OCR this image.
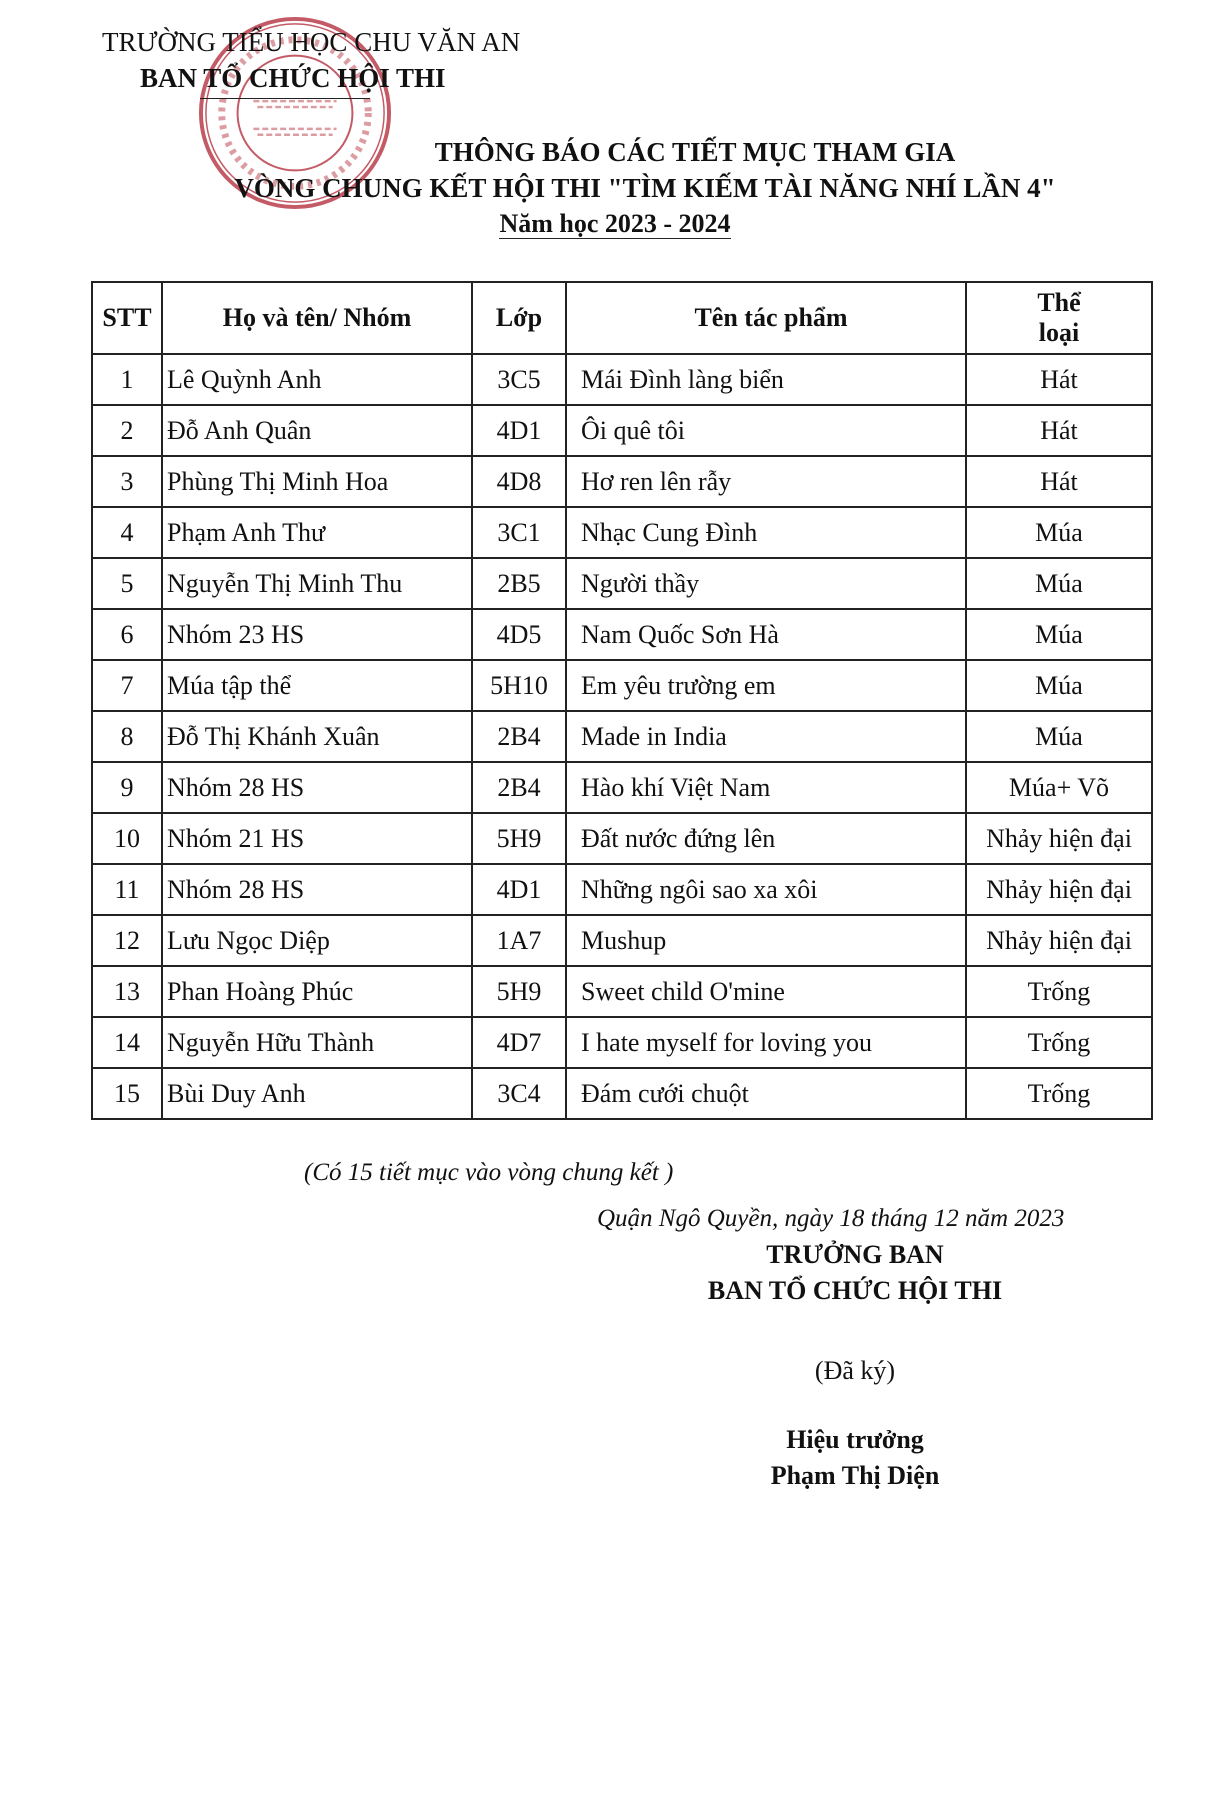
TRƯỜNG TIỂU HỌC CHU VĂN AN
BAN TỔ CHỨC HỘI THI
THÔNG BÁO CÁC TIẾT MỤC THAM GIA
VÒNG CHUNG KẾT HỘI THI "TÌM KIẾM TÀI NĂNG NHÍ LẦN 4"
Năm học 2023 - 2024
STT	Họ và tên/ Nhóm	Lớp	Tên tác phẩm	Thể
loại
1	Lê Quỳnh Anh	3C5	Mái Đình làng biển	Hát
2	Đỗ Anh Quân	4D1	Ôi quê tôi	Hát
3	Phùng Thị Minh Hoa	4D8	Hơ ren lên rẫy	Hát
4	Phạm Anh Thư	3C1	Nhạc Cung Đình	Múa
5	Nguyễn Thị Minh Thu	2B5	Người thầy	Múa
6	Nhóm 23 HS	4D5	Nam Quốc Sơn Hà	Múa
7	Múa tập thể	5H10	Em yêu trường em	Múa
8	Đỗ Thị Khánh Xuân	2B4	Made in India	Múa
9	Nhóm 28 HS	2B4	Hào khí Việt Nam	Múa+ Võ
10	Nhóm 21 HS	5H9	Đất nước đứng lên	Nhảy hiện đại
11	Nhóm 28 HS	4D1	Những ngôi sao xa xôi	Nhảy hiện đại
12	Lưu Ngọc Diệp	1A7	Mushup	Nhảy hiện đại
13	Phan Hoàng Phúc	5H9	Sweet child O'mine	Trống
14	Nguyễn Hữu Thành	4D7	I hate myself for loving you	Trống
15	Bùi Duy Anh	3C4	Đám cưới chuột	Trống
(Có 15 tiết mục vào vòng chung kết )
Quận Ngô Quyền, ngày 18 tháng 12 năm 2023
TRƯỞNG BAN
BAN TỔ CHỨC HỘI THI
(Đã ký)
Hiệu trưởng
Phạm Thị Diện
